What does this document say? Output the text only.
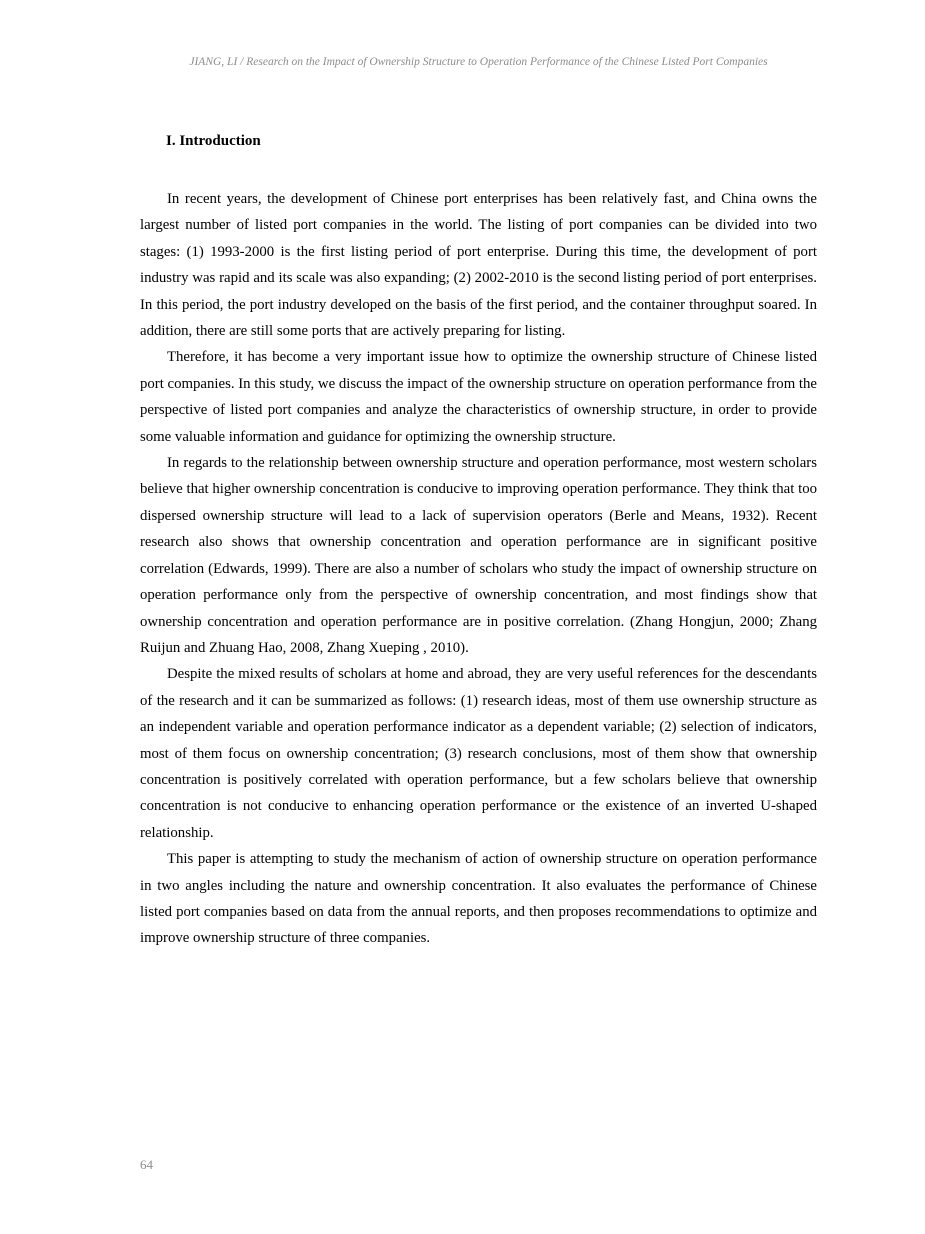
JIANG, LI / Research on the Impact of Ownership Structure to Operation Performance of the Chinese Listed Port Companies
I. Introduction

In recent years, the development of Chinese port enterprises has been relatively fast, and China owns the largest number of listed port companies in the world. The listing of port companies can be divided into two stages: (1) 1993-2000 is the first listing period of port enterprise. During this time, the development of port industry was rapid and its scale was also expanding; (2) 2002-2010 is the second listing period of port enterprises. In this period, the port industry developed on the basis of the first period, and the container throughput soared. In addition, there are still some ports that are actively preparing for listing.

Therefore, it has become a very important issue how to optimize the ownership structure of Chinese listed port companies. In this study, we discuss the impact of the ownership structure on operation performance from the perspective of listed port companies and analyze the characteristics of ownership structure, in order to provide some valuable information and guidance for optimizing the ownership structure.

In regards to the relationship between ownership structure and operation performance, most western scholars believe that higher ownership concentration is conducive to improving operation performance. They think that too dispersed ownership structure will lead to a lack of supervision operators (Berle and Means, 1932). Recent research also shows that ownership concentration and operation performance are in significant positive correlation (Edwards, 1999). There are also a number of scholars who study the impact of ownership structure on operation performance only from the perspective of ownership concentration, and most findings show that ownership concentration and operation performance are in positive correlation. (Zhang Hongjun, 2000; Zhang Ruijun and Zhuang Hao, 2008, Zhang Xueping , 2010).

Despite the mixed results of scholars at home and abroad, they are very useful references for the descendants of the research and it can be summarized as follows: (1) research ideas, most of them use ownership structure as an independent variable and operation performance indicator as a dependent variable; (2) selection of indicators, most of them focus on ownership concentration; (3) research conclusions, most of them show that ownership concentration is positively correlated with operation performance, but a few scholars believe that ownership concentration is not conducive to enhancing operation performance or the existence of an inverted U-shaped relationship.

This paper is attempting to study the mechanism of action of ownership structure on operation performance in two angles including the nature and ownership concentration. It also evaluates the performance of Chinese listed port companies based on data from the annual reports, and then proposes recommendations to optimize and improve ownership structure of three companies.

64
